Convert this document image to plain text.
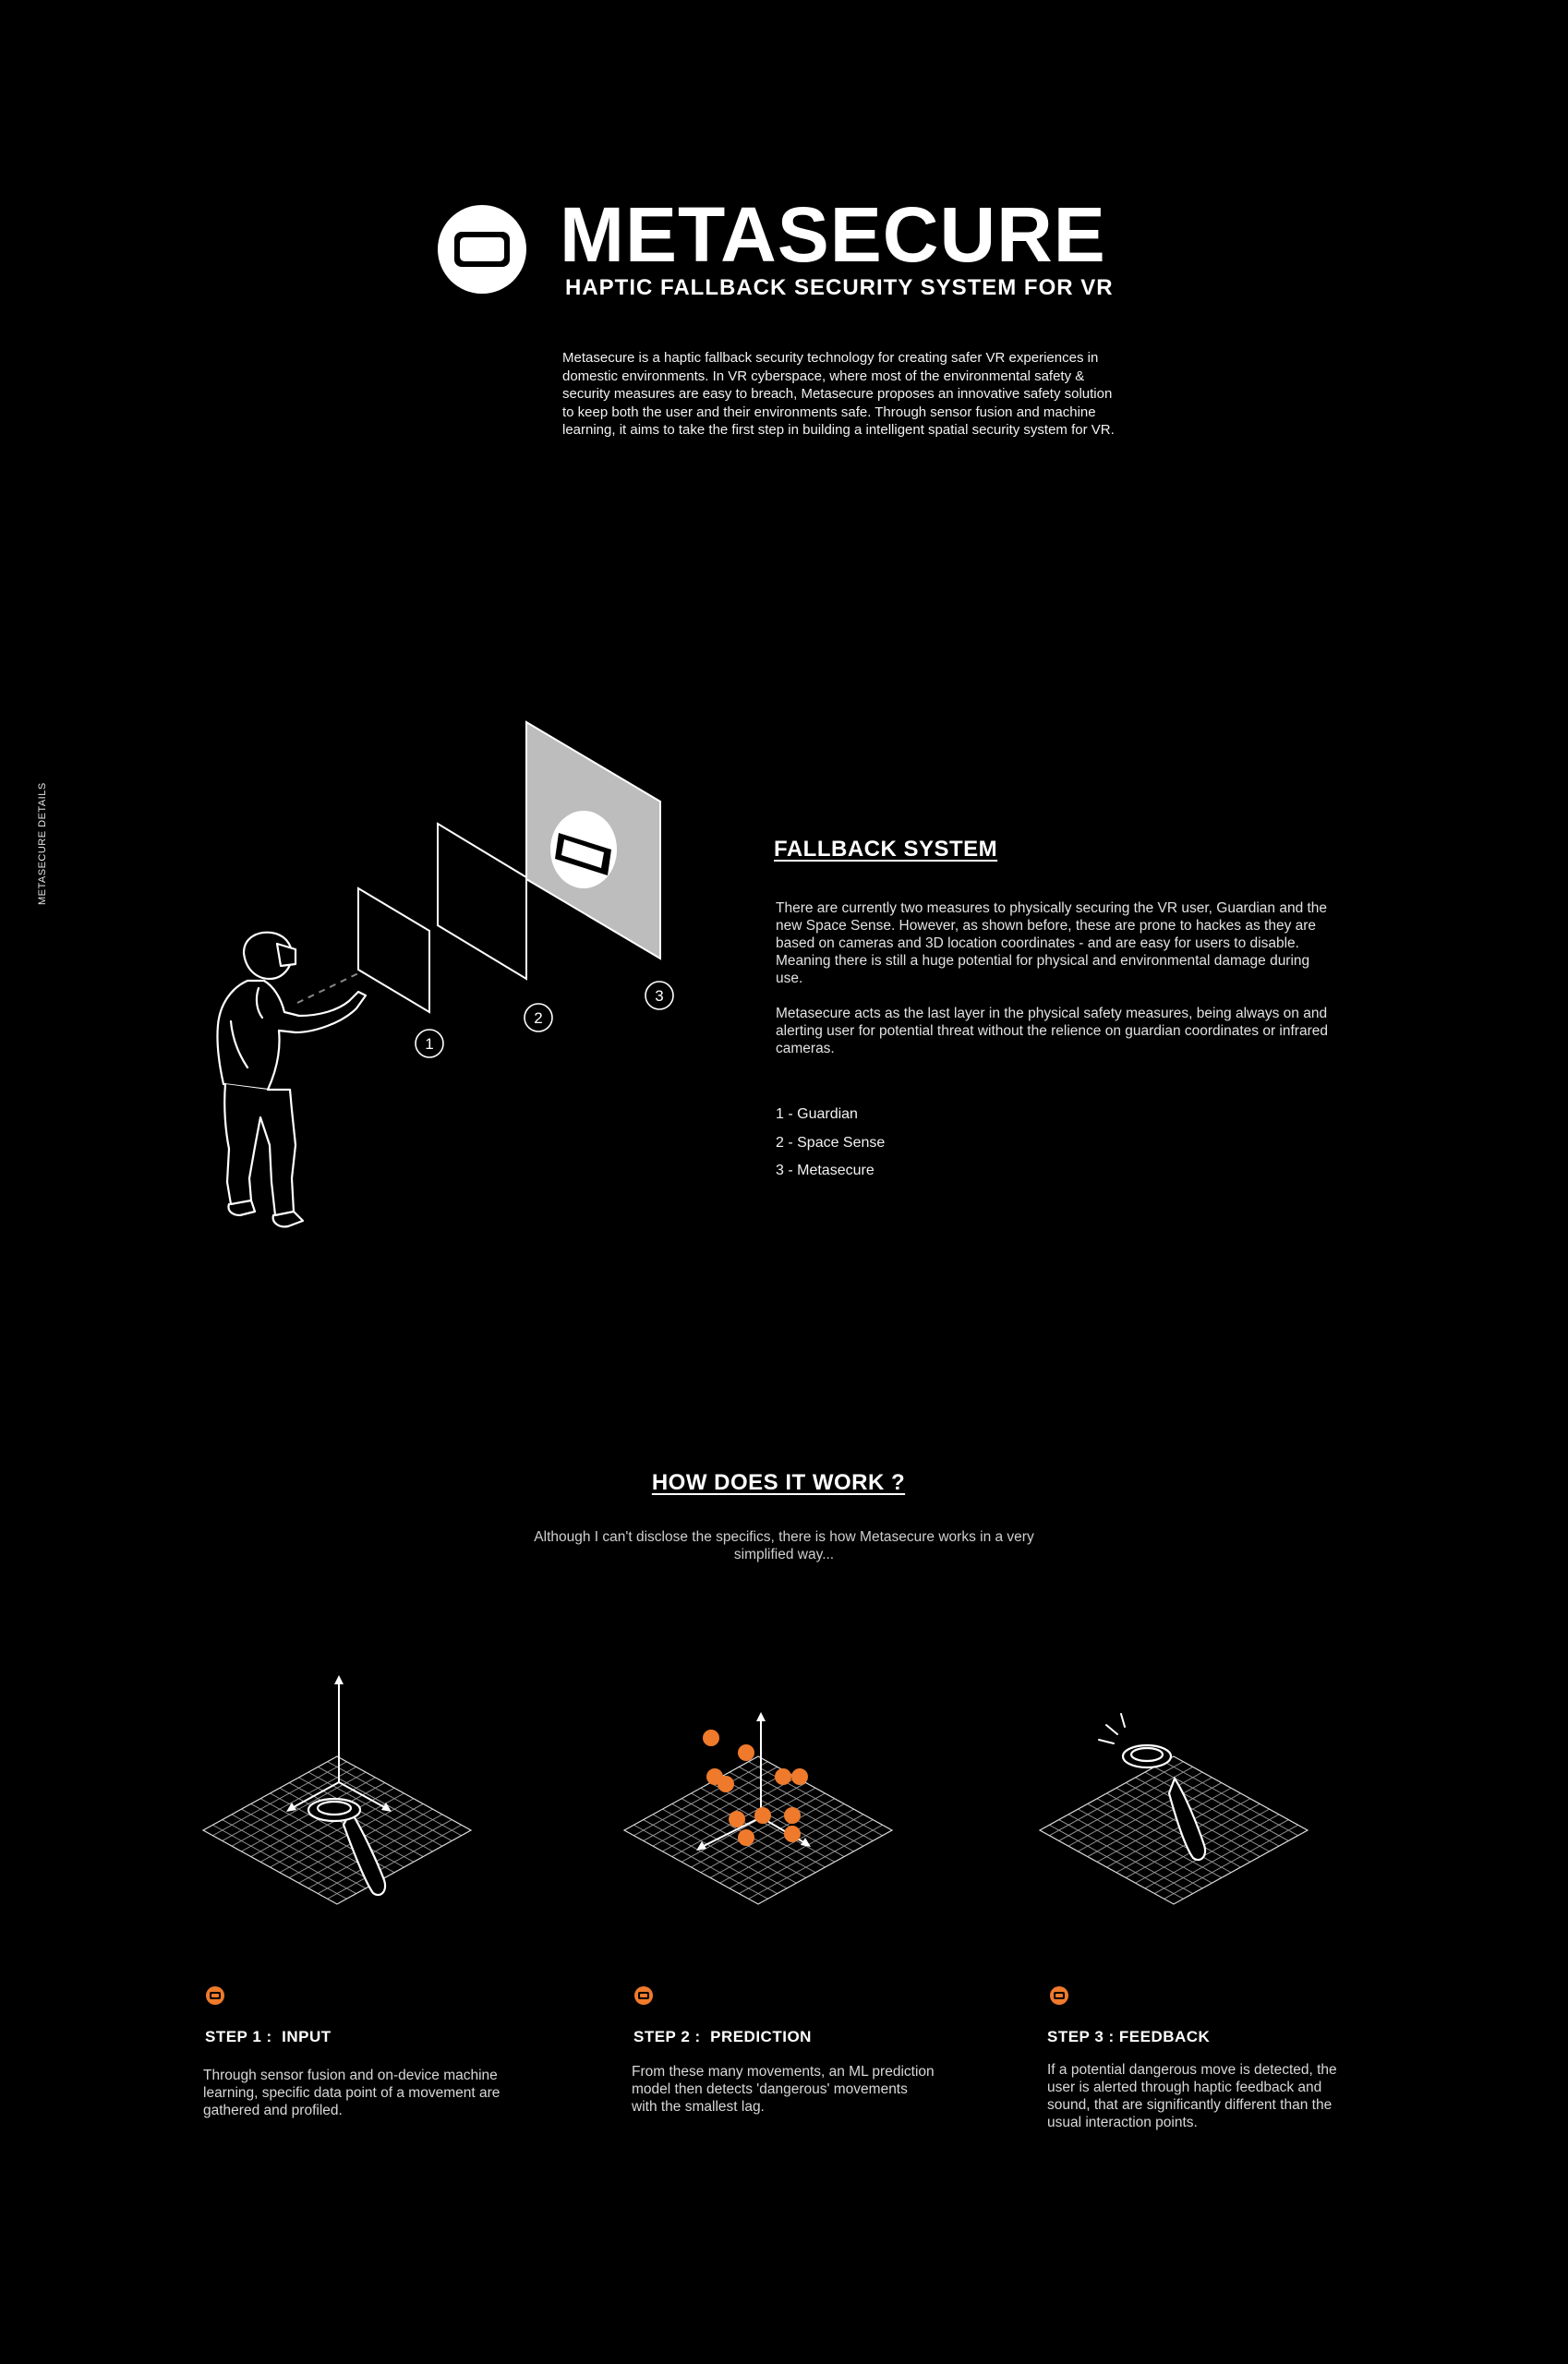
METASECURE DETAILS
METASECURE
HAPTIC FALLBACK SECURITY SYSTEM FOR VR
Metasecure is a haptic fallback security technology for creating safer VR experiences in domestic environments. In VR cyberspace, where most of the environmental safety & security measures are easy to breach, Metasecure proposes an innovative safety solution to keep both the user and their environments safe. Through sensor fusion and machine learning, it aims to take the first step in building a intelligent spatial security system for VR.
1
2
3
FALLBACK SYSTEM
There are currently two measures to physically securing the VR user, Guardian and the new Space Sense. However, as shown before, these are prone to hackes as they are based on cameras and 3D location coordinates - and are easy for users to disable. Meaning there is still a huge potential for physical and environmental damage during use.
Metasecure acts as the last layer in the physical safety measures, being always on and alerting user for potential threat without the relience on guardian coordinates or infrared cameras.
1 - Guardian
2 - Space Sense
3 - Metasecure
HOW DOES IT WORK ?
Although I can't disclose the specifics, there is how Metasecure works in a very simplified way...
STEP 1 :  INPUT
Through sensor fusion and on-device machine learning, specific data point of a movement are gathered and profiled.
STEP 2 :  PREDICTION
From these many movements, an ML prediction model then detects 'dangerous' movements with the smallest lag.
STEP 3 : FEEDBACK
If a potential dangerous move is detected, the user is alerted through haptic feedback and sound, that are significantly different than the usual interaction points.
